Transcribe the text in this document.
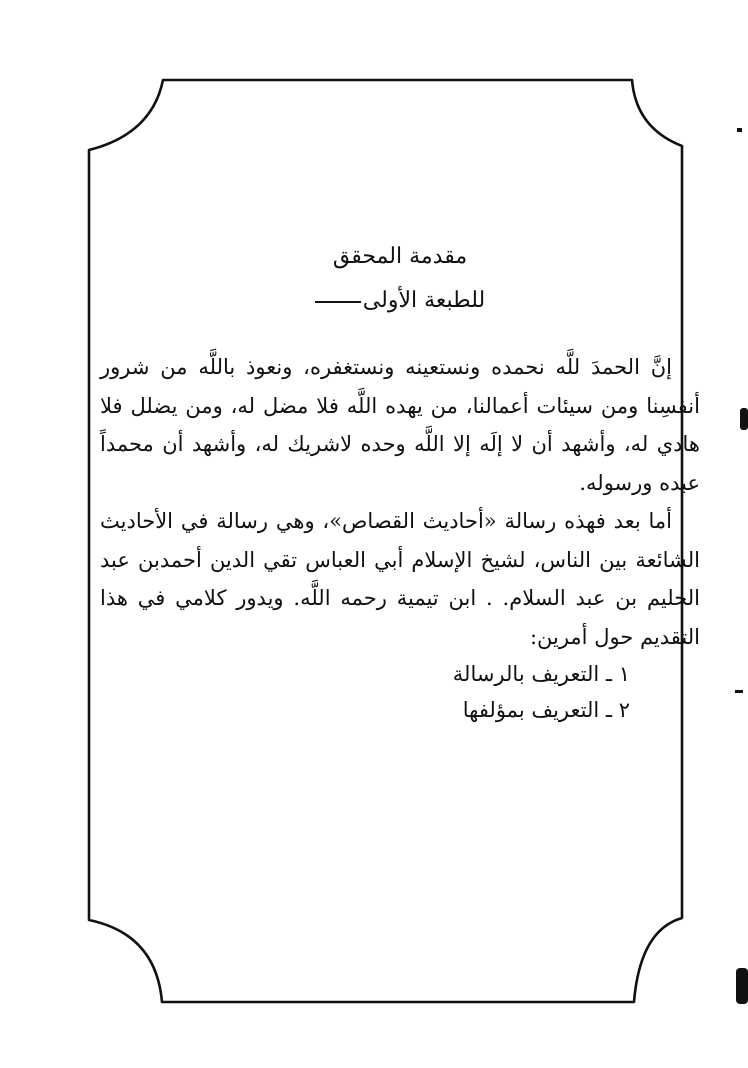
مقدمة المحقق

للطبعة الأولى

إنَّ الحمدَ للَّه نحمده ونستعينه ونستغفره، ونعوذ باللَّه من شرور أنفسِنا ومن سيئات أعمالنا، من يهده اللَّه فلا مضل له، ومن يضلل فلا هادي له، وأشهد أن لا إلَه إلا اللَّه وحده لاشريك له، وأشهد أن محمداً عبده ورسوله.

أما بعد فهذه رسالة «أحاديث القصاص»، وهي رسالة في الأحاديث الشائعة بين الناس، لشيخ الإسلام أبي العباس تقي الدين أحمدبن عبد الحليم بن عبد السلام. . ابن تيمية رحمه اللَّه. ويدور كلامي في هذا التقديم حول أمرين:

١ ـ التعريف بالرسالة

٢ ـ التعريف بمؤلفها
